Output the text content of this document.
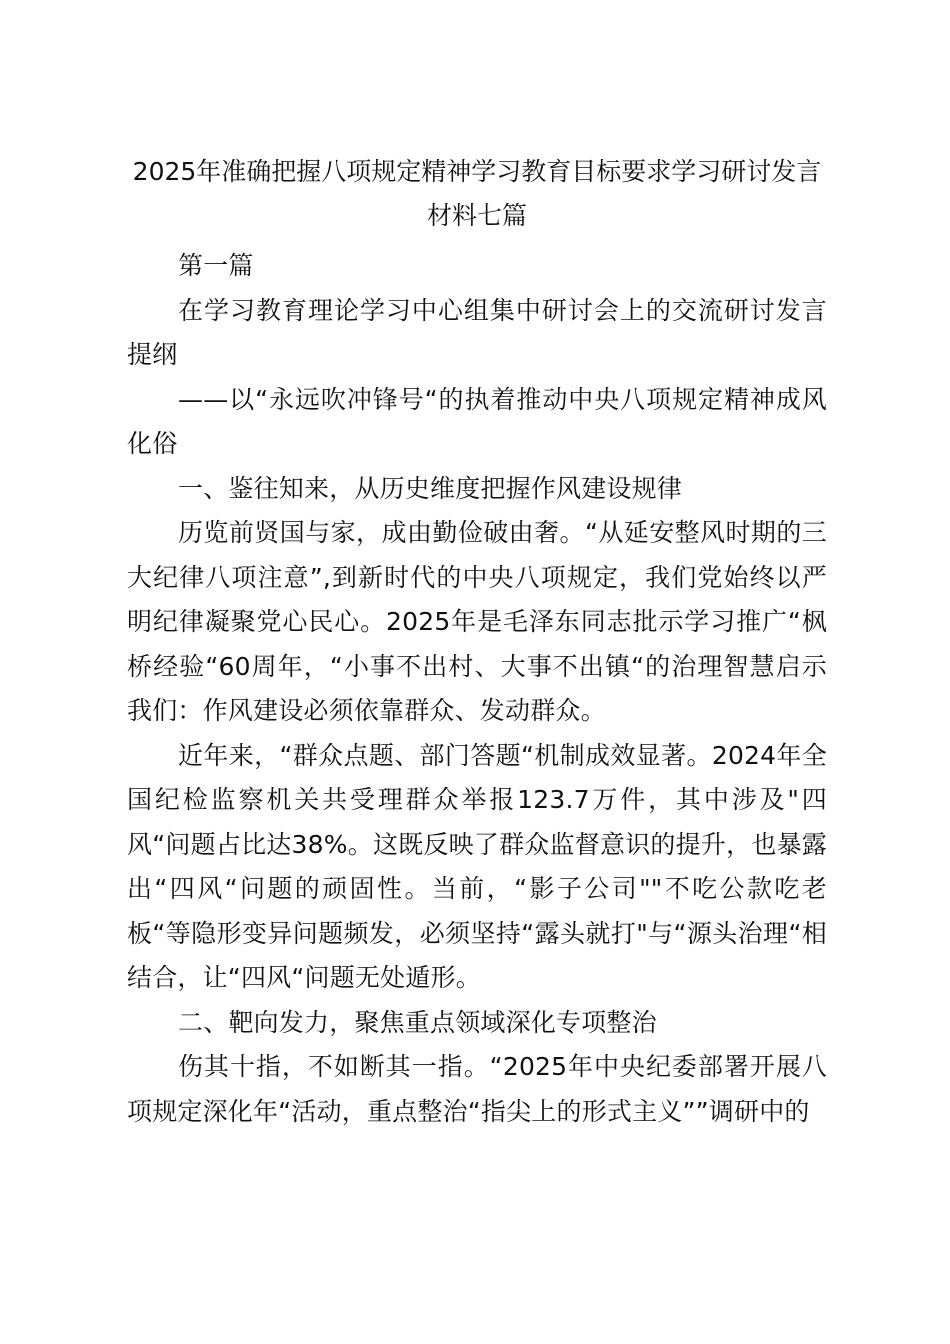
2025年准确把握八项规定精神学习教育目标要求学习研讨发言
材料七篇

第一篇

在学习教育理论学习中心组集中研讨会上的交流研讨发言提纲

——以“永远吹冲锋号“的执着推动中央八项规定精神成风化俗

一、鉴往知来，从历史维度把握作风建设规律

历览前贤国与家，成由勤俭破由奢。“从延安整风时期的三大纪律八项注意”,到新时代的中央八项规定，我们党始终以严明纪律凝聚党心民心。2025年是毛泽东同志批示学习推广“枫桥经验“60周年，“小事不出村、大事不出镇“的治理智慧启示我们：作风建设必须依靠群众、发动群众。

近年来，“群众点题、部门答题“机制成效显著。2024年全国纪检监察机关共受理群众举报123.7万件，其中涉及"四风“问题占比达38%。这既反映了群众监督意识的提升，也暴露出“四风“问题的顽固性。当前，“影子公司""不吃公款吃老板“等隐形变异问题频发，必须坚持“露头就打"与“源头治理“相结合，让“四风“问题无处遁形。

二、靶向发力，聚焦重点领域深化专项整治

伤其十指，不如断其一指。“2025年中央纪委部署开展八项规定深化年“活动，重点整治“指尖上的形式主义””调研中的
